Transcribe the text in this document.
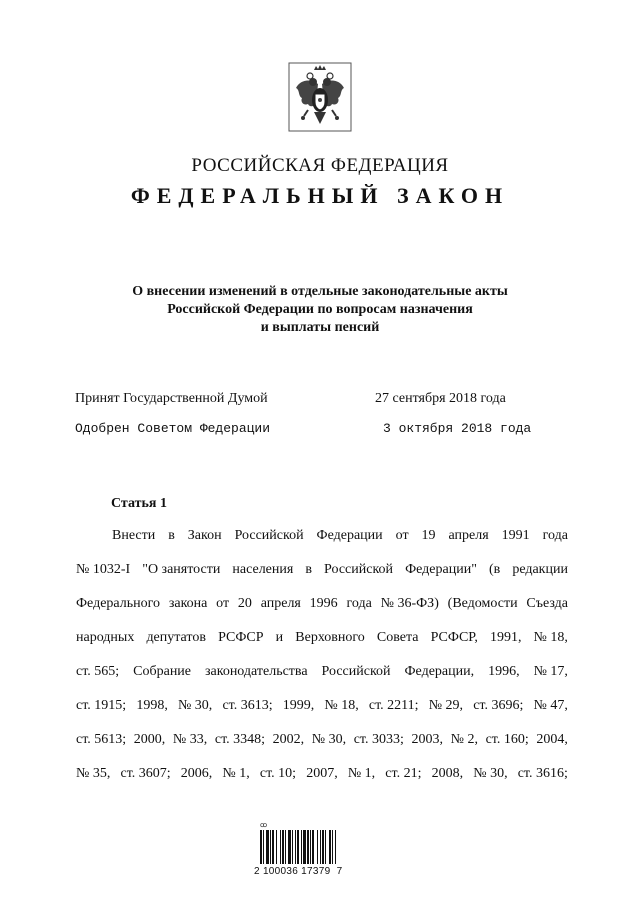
РОССИЙСКАЯ ФЕДЕРАЦИЯ
ФЕДЕРАЛЬНЫЙ ЗАКОН
О внесении изменений в отдельные законодательные акты
Российской Федерации по вопросам назначения
и выплаты пенсий
Принят Государственной Думой	27 сентября 2018 года
Одобрен Советом Федерации	3 октября 2018 года
Статья 1
Внести в Закон Российской Федерации от 19 апреля 1991 года
№ 1032-I "О занятости населения в Российской Федерации" (в редакции
Федерального закона от 20 апреля 1996 года № 36-ФЗ) (Ведомости Съезда
народных депутатов РСФСР и Верховного Совета РСФСР, 1991, № 18,
ст. 565; Собрание законодательства Российской Федерации, 1996, № 17,
ст. 1915; 1998, № 30, ст. 3613; 1999, № 18, ст. 2211; № 29, ст. 3696; № 47,
ст. 5613; 2000, № 33, ст. 3348; 2002, № 30, ст. 3033; 2003, № 2, ст. 160; 2004,
№ 35, ст. 3607; 2006, № 1, ст. 10; 2007, № 1, ст. 21; 2008, № 30, ст. 3616;
ꝏ
2 100036 17379  7
